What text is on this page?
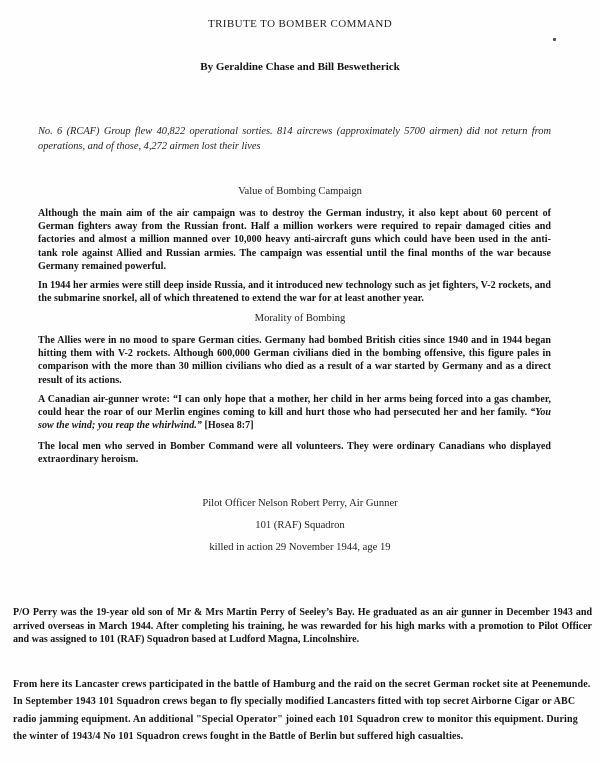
TRIBUTE TO BOMBER COMMAND
By Geraldine Chase and Bill Beswetherick
No. 6 (RCAF) Group flew 40,822 operational sorties. 814 aircrews (approximately 5700 airmen) did not return from operations, and of those, 4,272 airmen lost their lives
Value of Bombing Campaign
Although the main aim of the air campaign was to destroy the German industry, it also kept about 60 percent of German fighters away from the Russian front. Half a million workers were required to repair damaged cities and factories and almost a million manned over 10,000 heavy anti-aircraft guns which could have been used in the anti-tank role against Allied and Russian armies. The campaign was essential until the final months of the war because Germany remained powerful.
In 1944 her armies were still deep inside Russia, and it introduced new technology such as jet fighters, V-2 rockets, and the submarine snorkel, all of which threatened to extend the war for at least another year.
Morality of Bombing
The Allies were in no mood to spare German cities. Germany had bombed British cities since 1940 and in 1944 began hitting them with V-2 rockets. Although 600,000 German civilians died in the bombing offensive, this figure pales in comparison with the more than 30 million civilians who died as a result of a war started by Germany and as a direct result of its actions.
A Canadian air-gunner wrote: “I can only hope that a mother, her child in her arms being forced into a gas chamber, could hear the roar of our Merlin engines coming to kill and hurt those who had persecuted her and her family. “You sow the wind; you reap the whirlwind.” [Hosea 8:7]
The local men who served in Bomber Command were all volunteers. They were ordinary Canadians who displayed extraordinary heroism.
Pilot Officer Nelson Robert Perry, Air Gunner
101 (RAF) Squadron
killed in action 29 November 1944, age 19
P/O Perry was the 19-year old son of Mr & Mrs Martin Perry of Seeley’s Bay. He graduated as an air gunner in December 1943 and arrived overseas in March 1944. After completing his training, he was rewarded for his high marks with a promotion to Pilot Officer and was assigned to 101 (RAF) Squadron based at Ludford Magna, Lincolnshire.
From here its Lancaster crews participated in the battle of Hamburg and the raid on the secret German rocket site at Peenemunde. In September 1943 101 Squadron crews began to fly specially modified Lancasters fitted with top secret Airborne Cigar or ABC radio jamming equipment. An additional "Special Operator" joined each 101 Squadron crew to monitor this equipment. During the winter of 1943/4 No 101 Squadron crews fought in the Battle of Berlin but suffered high casualties.
